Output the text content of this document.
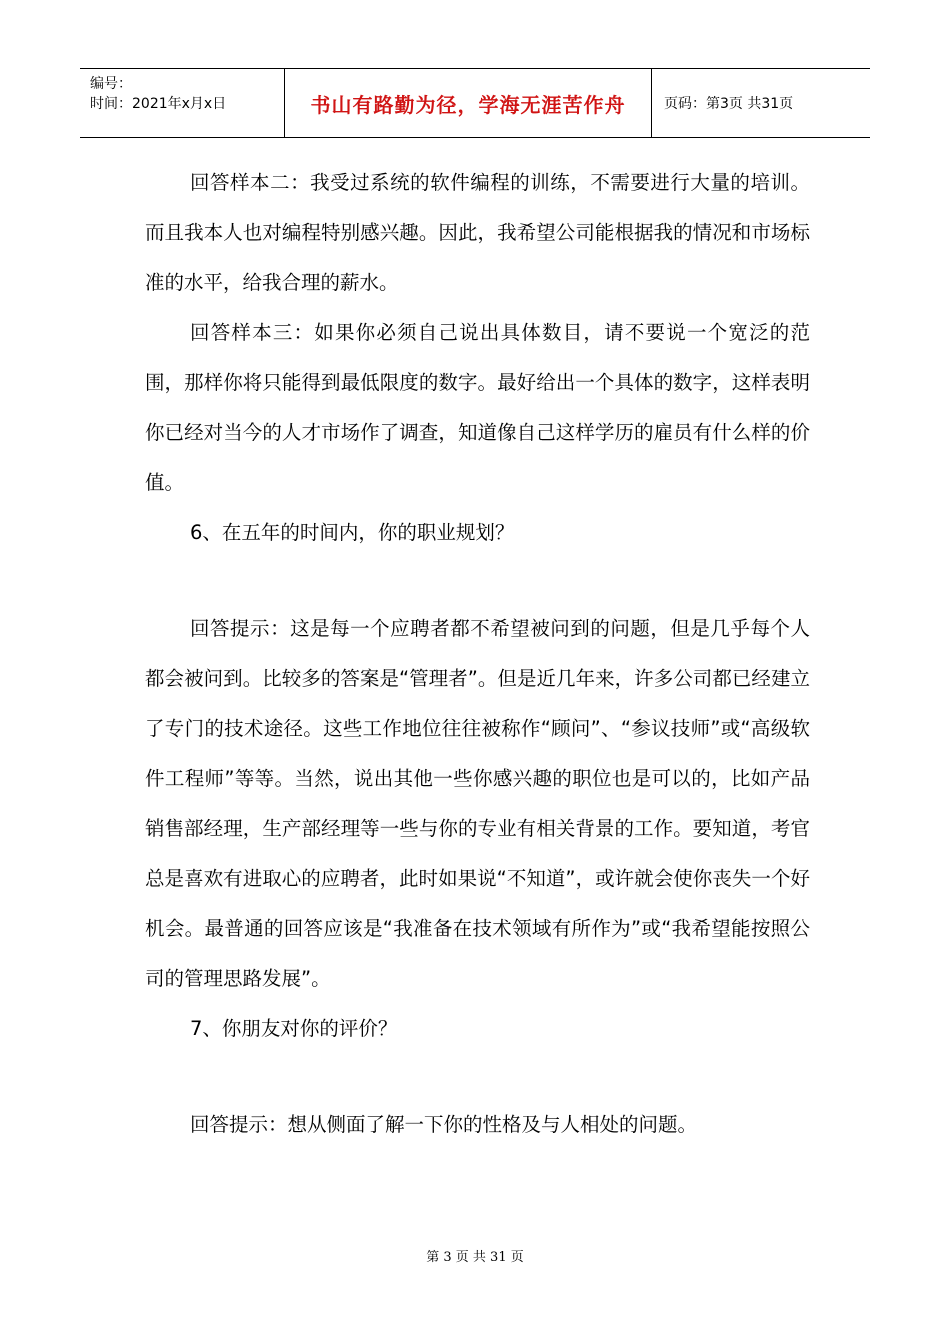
编号：
时间：2021年x月x日	书山有路勤为径，学海无涯苦作舟	页码：第3页 共31页

回答样本二：我受过系统的软件编程的训练，不需要进行大量的培训。而且我本人也对编程特别感兴趣。因此，我希望公司能根据我的情况和市场标准的水平，给我合理的薪水。

回答样本三：如果你必须自己说出具体数目，请不要说一个宽泛的范围，那样你将只能得到最低限度的数字。最好给出一个具体的数字，这样表明你已经对当今的人才市场作了调查，知道像自己这样学历的雇员有什么样的价值。

6、在五年的时间内，你的职业规划？

回答提示：这是每一个应聘者都不希望被问到的问题，但是几乎每个人都会被问到。比较多的答案是“管理者”。但是近几年来，许多公司都已经建立了专门的技术途径。这些工作地位往往被称作“顾问”、“参议技师”或“高级软件工程师”等等。当然，说出其他一些你感兴趣的职位也是可以的，比如产品销售部经理，生产部经理等一些与你的专业有相关背景的工作。要知道，考官总是喜欢有进取心的应聘者，此时如果说“不知道”，或许就会使你丧失一个好机会。最普通的回答应该是“我准备在技术领域有所作为”或“我希望能按照公司的管理思路发展”。

7、你朋友对你的评价？

回答提示：想从侧面了解一下你的性格及与人相处的问题。

第 3 页 共 31 页
